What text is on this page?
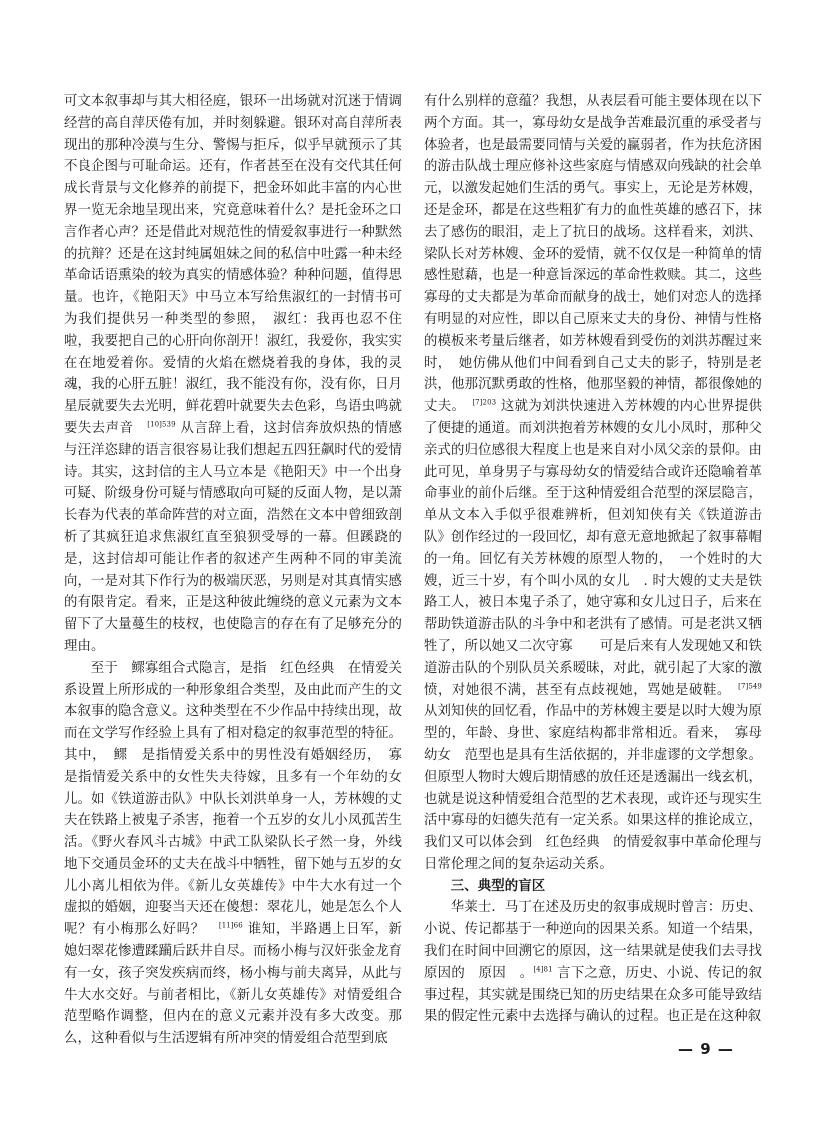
可文本叙事却与其大相径庭，银环一出场就对沉迷于情调经营的高自萍厌倦有加，并时刻躲避。银环对高自萍所表现出的那种冷漠与生分、警惕与拒斥，似乎早就预示了其不良企图与可耻命运。还有，作者甚至在没有交代其任何成长背景与文化修养的前提下，把金环如此丰富的内心世界一览无余地呈现出来，究竟意味着什么？是托金环之口言作者心声？还是借此对规范性的情爱叙事进行一种默然的抗辩？还是在这封纯属姐妹之间的私信中吐露一种未经革命话语熏染的较为真实的情感体验？种种问题，值得思量。也许，《艳阳天》中马立本写给焦淑红的一封情书可为我们提供另一种类型的参照，　淑红：我再也忍不住啦，我要把自己的心肝向你剖开！淑红，我爱你，我实实在在地爱着你。爱情的火焰在燃烧着我的身体，我的灵魂，我的心肝五脏！淑红，我不能没有你，没有你，日月星辰就要失去光明，鲜花碧叶就要失去色彩，鸟语虫鸣就要失去声音　$^{[10]539}$ 从言辞上看，这封信奔放炽热的情感与汪洋恣肆的语言很容易让我们想起五四狂飙时代的爱情诗。其实，这封信的主人马立本是《艳阳天》中一个出身可疑、阶级身份可疑与情感取向可疑的反面人物，是以萧长春为代表的革命阵营的对立面，浩然在文本中曾细致剖析了其疯狂追求焦淑红直至狼狈受辱的一幕。但蹊跷的是，这封信却可能让作者的叙述产生两种不同的审美流向，一是对其下作行为的极端厌恶，另则是对其真情实感的有限肯定。看来，正是这种彼此缠绕的意义元素为文本留下了大量蔓生的枝杈，也使隐言的存在有了足够充分的理由。

至于　鳏寡组合式隐言，是指　红色经典　在情爱关系设置上所形成的一种形象组合类型，及由此而产生的文本叙事的隐含意义。这种类型在不少作品中持续出现，故而在文学写作经验上具有了相对稳定的叙事范型的特征。其中，　鳏　是指情爱关系中的男性没有婚姻经历，　寡　是指情爱关系中的女性失夫待嫁，且多有一个年幼的女儿。如《铁道游击队》中队长刘洪单身一人，芳林嫂的丈夫在铁路上被鬼子杀害，拖着一个五岁的女儿小凤孤苦生活。《野火春风斗古城》中武工队梁队长孑然一身，外线地下交通员金环的丈夫在战斗中牺牲，留下她与五岁的女儿小离儿相依为伴。《新儿女英雄传》中牛大水有过一个虚拟的婚姻，迎娶当天还在傻想：翠花儿，她是怎么个人呢？有小梅那么好吗？　$^{[11]66}$ 谁知，半路遇上日军，新媳妇翠花惨遭蹂躏后跃井自尽。而杨小梅与汉奸张金龙育有一女，孩子突发疾病而终，杨小梅与前夫离异，从此与牛大水交好。与前者相比，《新儿女英雄传》对情爱组合范型略作调整，但内在的意义元素并没有多大改变。那么，这种看似与生活逻辑有所冲突的情爱组合范型到底

有什么别样的意蕴？我想，从表层看可能主要体现在以下两个方面。其一，寡母幼女是战争苦难最沉重的承受者与体验者，也是最需要同情与关爱的赢弱者，作为扶危济困的游击队战士理应修补这些家庭与情感双向残缺的社会单元，以激发起她们生活的勇气。事实上，无论是芳林嫂，还是金环，都是在这些粗犷有力的血性英雄的感召下，抹去了感伤的眼泪，走上了抗日的战场。这样看来，刘洪、梁队长对芳林嫂、金环的爱情，就不仅仅是一种简单的情感性慰藉，也是一种意旨深远的革命性救赎。其二，这些寡母的丈夫都是为革命而献身的战士，她们对恋人的选择有明显的对应性，即以自己原来丈夫的身份、神情与性格的模板来考量后继者，如芳林嫂看到受伤的刘洪苏醒过来时，　她仿佛从他们中间看到自己丈夫的影子，特别是老洪，他那沉默勇敢的性格，他那坚毅的神情，都很像她的丈夫。　$^{[7]203}$ 这就为刘洪快速进入芳林嫂的内心世界提供了便捷的通道。而刘洪抱着芳林嫂的女儿小凤时，那种父亲式的归位感很大程度上也是来自对小凤父亲的景仰。由此可见，单身男子与寡母幼女的情爱结合或许还隐喻着革命事业的前仆后继。至于这种情爱组合范型的深层隐言，单从文本入手似乎很难辨析，但刘知侠有关《铁道游击队》创作经过的一段回忆，却有意无意地掀起了叙事幕帽的一角。回忆有关芳林嫂的原型人物的，　一个姓时的大嫂，近三十岁，有个叫小凤的女儿　. 时大嫂的丈夫是铁路工人，被日本鬼子杀了，她守寡和女儿过日子，后来在帮助铁道游击队的斗争中和老洪有了感情。可是老洪又牺牲了，所以她又二次守寡　　可是后来有人发现她又和铁道游击队的个别队员关系暧昧，对此，就引起了大家的激愤，对她很不满，甚至有点歧视她，骂她是破鞋。　$^{[7]549}$ 从刘知侠的回忆看，作品中的芳林嫂主要是以时大嫂为原型的，年龄、身世、家庭结构都非常相近。看来，　寡母幼女　范型也是具有生活依据的，并非虚谬的文学想象。但原型人物时大嫂后期情感的放任还是透漏出一线玄机，也就是说这种情爱组合范型的艺术表现，或许还与现实生活中寡母的妇德失范有一定关系。如果这样的推论成立，我们又可以体会到　红色经典　的情爱叙事中革命伦理与日常伦理之间的复杂运动关系。

三、典型的盲区

华莱士．马丁在述及历史的叙事成规时曾言：历史、小说、传记都基于一种逆向的因果关系。知道一个结果，我们在时间中回溯它的原因，这一结果就是使我们去寻找原因的　原因　。$^{[4]81}$ 言下之意，历史、小说、传记的叙事过程，其实就是围绕已知的历史结果在众多可能导致结果的假定性元素中去选择与确认的过程。也正是在这种叙

— 9 —
